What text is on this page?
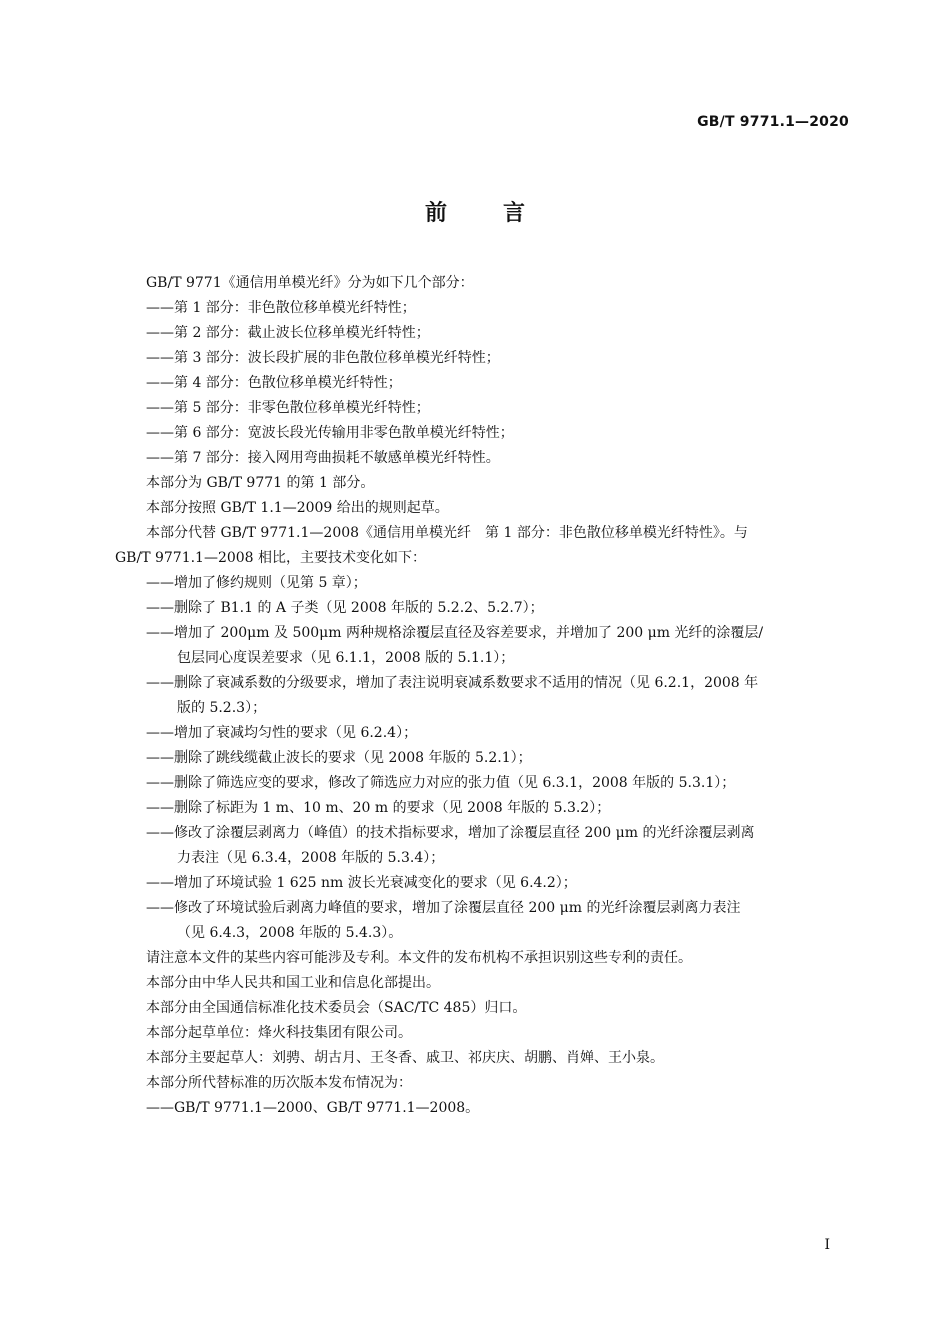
GB/T 9771.1—2020
前言
GB/T 9771《通信用单模光纤》分为如下几个部分：
——第 1 部分：非色散位移单模光纤特性；
——第 2 部分：截止波长位移单模光纤特性；
——第 3 部分：波长段扩展的非色散位移单模光纤特性；
——第 4 部分：色散位移单模光纤特性；
——第 5 部分：非零色散位移单模光纤特性；
——第 6 部分：宽波长段光传输用非零色散单模光纤特性；
——第 7 部分：接入网用弯曲损耗不敏感单模光纤特性。
本部分为 GB/T 9771 的第 1 部分。
本部分按照 GB/T 1.1—2009 给出的规则起草。
本部分代替 GB/T 9771.1—2008《通信用单模光纤　第 1 部分：非色散位移单模光纤特性》。与
GB/T 9771.1—2008 相比，主要技术变化如下：
——增加了修约规则（见第 5 章）；
——删除了 B1.1 的 A 子类（见 2008 年版的 5.2.2、5.2.7）；
——增加了 200μm 及 500μm 两种规格涂覆层直径及容差要求，并增加了 200 μm 光纤的涂覆层/
包层同心度误差要求（见 6.1.1，2008 版的 5.1.1）；
——删除了衰减系数的分级要求，增加了表注说明衰减系数要求不适用的情况（见 6.2.1，2008 年
版的 5.2.3）；
——增加了衰减均匀性的要求（见 6.2.4）；
——删除了跳线缆截止波长的要求（见 2008 年版的 5.2.1）；
——删除了筛选应变的要求，修改了筛选应力对应的张力值（见 6.3.1，2008 年版的 5.3.1）；
——删除了标距为 1 m、10 m、20 m 的要求（见 2008 年版的 5.3.2）；
——修改了涂覆层剥离力（峰值）的技术指标要求，增加了涂覆层直径 200 μm 的光纤涂覆层剥离
力表注（见 6.3.4，2008 年版的 5.3.4）；
——增加了环境试验 1 625 nm 波长光衰减变化的要求（见 6.4.2）；
——修改了环境试验后剥离力峰值的要求，增加了涂覆层直径 200 μm 的光纤涂覆层剥离力表注
（见 6.4.3，2008 年版的 5.4.3）。
请注意本文件的某些内容可能涉及专利。本文件的发布机构不承担识别这些专利的责任。
本部分由中华人民共和国工业和信息化部提出。
本部分由全国通信标准化技术委员会（SAC/TC 485）归口。
本部分起草单位：烽火科技集团有限公司。
本部分主要起草人：刘骋、胡古月、王冬香、戚卫、祁庆庆、胡鹏、肖婵、王小泉。
本部分所代替标准的历次版本发布情况为：
——GB/T 9771.1—2000、GB/T 9771.1—2008。
I
